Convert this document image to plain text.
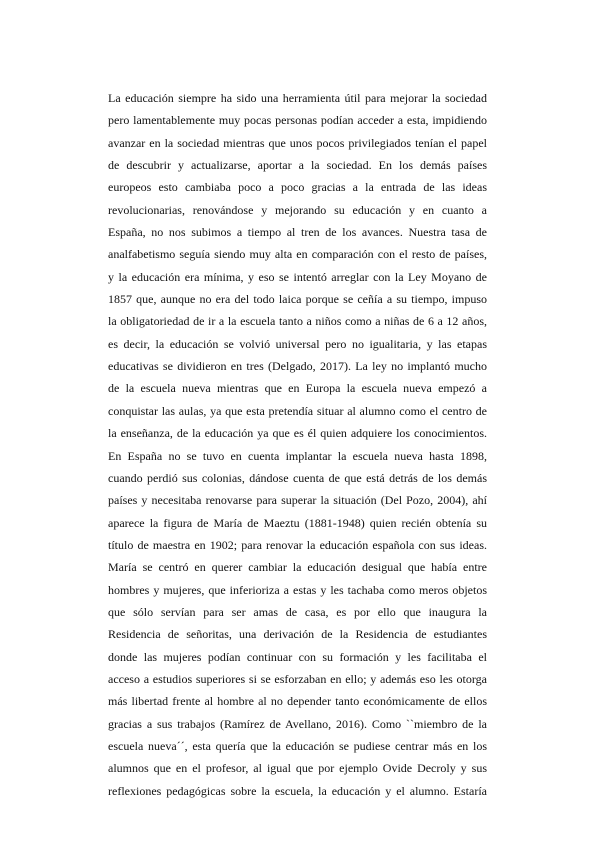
La educación siempre ha sido una herramienta útil para mejorar la sociedad
pero lamentablemente muy pocas personas podían acceder a esta, impidiendo
avanzar en la sociedad mientras que unos pocos privilegiados tenían el papel
de descubrir y actualizarse, aportar a la sociedad. En los demás países
europeos esto cambiaba poco a poco gracias a la entrada de las ideas
revolucionarias, renovándose y mejorando su educación y en cuanto a
España, no nos subimos a tiempo al tren de los avances. Nuestra tasa de
analfabetismo seguía siendo muy alta en comparación con el resto de países,
y la educación era mínima, y eso se intentó arreglar con la Ley Moyano de
1857 que, aunque no era del todo laica porque se ceñía a su tiempo, impuso
la obligatoriedad de ir a la escuela tanto a niños como a niñas de 6 a 12 años,
es decir, la educación se volvió universal pero no igualitaria, y las etapas
educativas se dividieron en tres (Delgado, 2017). La ley no implantó mucho
de la escuela nueva mientras que en Europa la escuela nueva empezó a
conquistar las aulas, ya que esta pretendía situar al alumno como el centro de
la enseñanza, de la educación ya que es él quien adquiere los conocimientos.
En España no se tuvo en cuenta implantar la escuela nueva hasta 1898,
cuando perdió sus colonias, dándose cuenta de que está detrás de los demás
países y necesitaba renovarse para superar la situación (Del Pozo, 2004), ahí
aparece la figura de María de Maeztu (1881-1948) quien recién obtenía su
título de maestra en 1902; para renovar la educación española con sus ideas.
María se centró en querer cambiar la educación desigual que había entre
hombres y mujeres, que inferioriza a estas y les tachaba como meros objetos
que sólo servían para ser amas de casa, es por ello que inaugura la
Residencia de señoritas, una derivación de la Residencia de estudiantes
donde las mujeres podían continuar con su formación y les facilitaba el
acceso a estudios superiores si se esforzaban en ello; y además eso les otorga
más libertad frente al hombre al no depender tanto económicamente de ellos
gracias a sus trabajos (Ramírez de Avellano, 2016). Como ``miembro de la
escuela nueva´´, esta quería que la educación se pudiese centrar más en los
alumnos que en el profesor, al igual que por ejemplo Ovide Decroly y sus
reflexiones pedagógicas sobre la escuela, la educación y el alumno. Estaría
